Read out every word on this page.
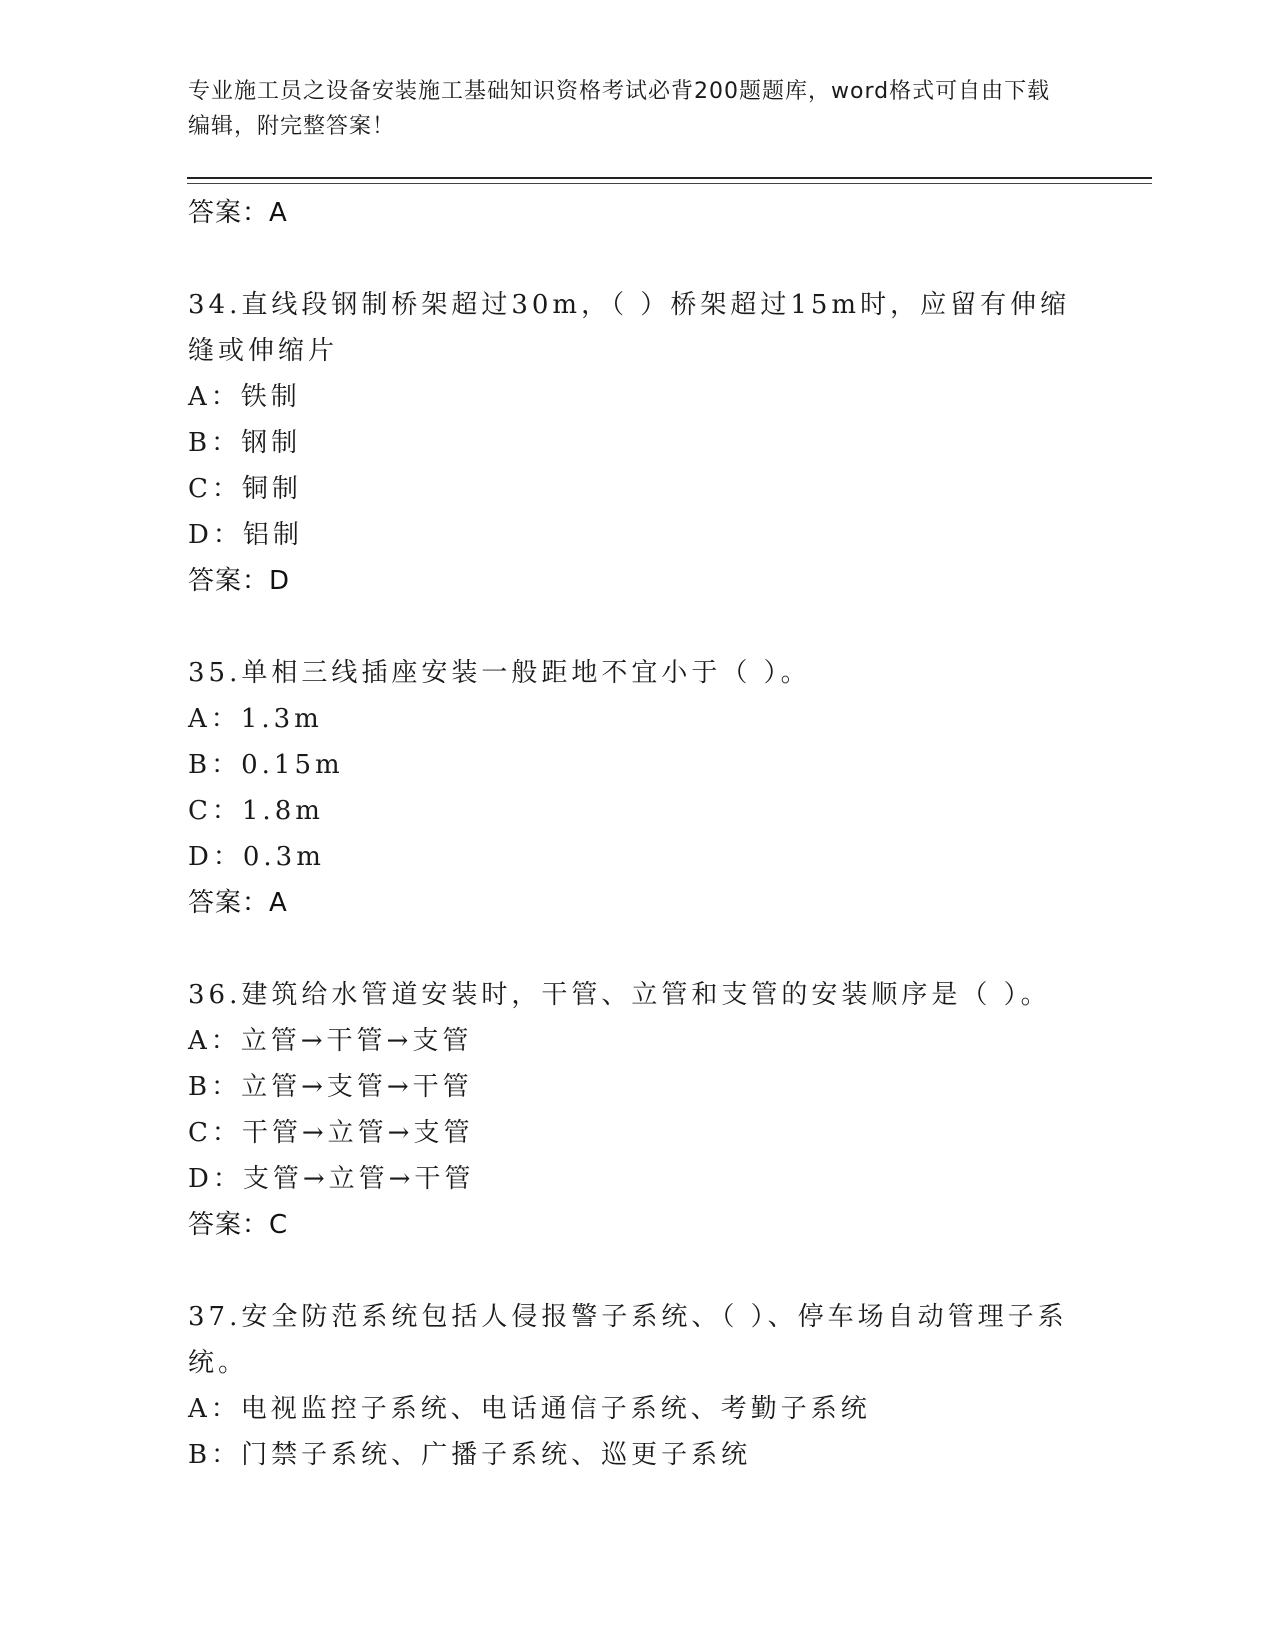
专业施工员之设备安装施工基础知识资格考试必背200题题库，word格式可自由下载编辑，附完整答案！
答案：A
34.直线段钢制桥架超过30m，（ ）桥架超过15m时，应留有伸缩缝或伸缩片
A：铁制
B：钢制
C：铜制
D：铝制
答案：D
35.单相三线插座安装一般距地不宜小于（ ）。
A：1.3m
B：0.15m
C：1.8m
D：0.3m
答案：A
36.建筑给水管道安装时，干管、立管和支管的安装顺序是（ ）。
A：立管→干管→支管
B：立管→支管→干管
C：干管→立管→支管
D：支管→立管→干管
答案：C
37.安全防范系统包括人侵报警子系统、（ ）、停车场自动管理子系统。
A：电视监控子系统、电话通信子系统、考勤子系统
B：门禁子系统、广播子系统、巡更子系统
